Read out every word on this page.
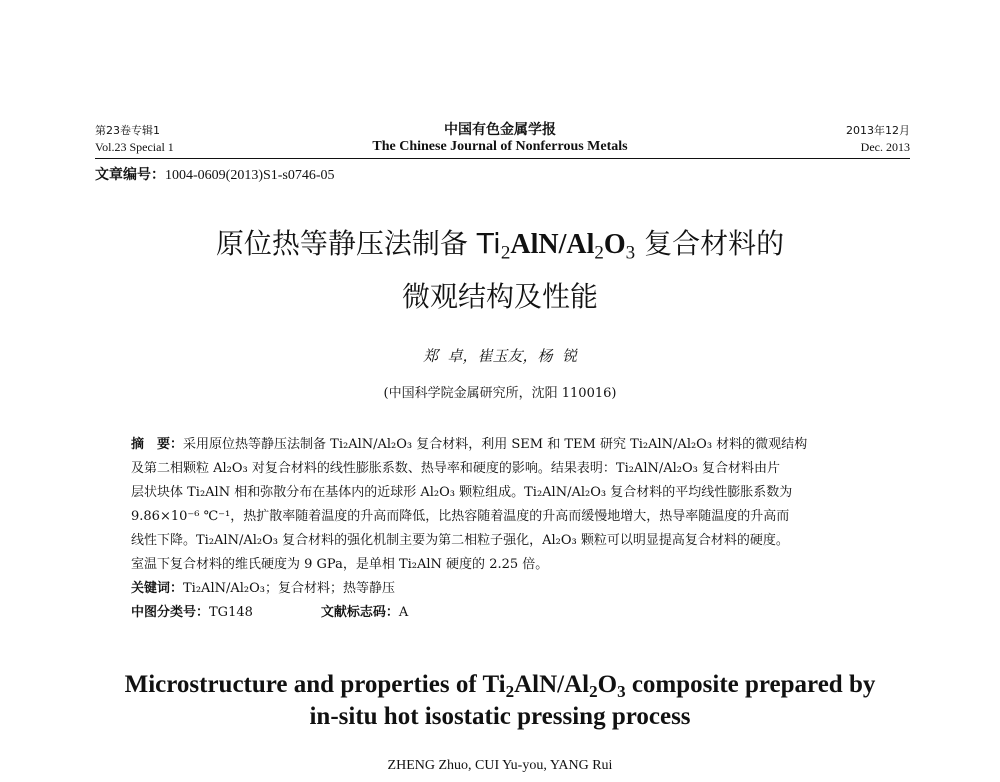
第23卷专辑1
Vol.23 Special 1
中国有色金属学报
The Chinese Journal of Nonferrous Metals
2013年12月
Dec. 2013
文章编号：1004-0609(2013)S1-s0746-05
原位热等静压法制备 $Ti_2AlN/Al_2O_3$ 复合材料的
微观结构及性能
郑  卓，崔玉友，杨  锐
(中国科学院金属研究所，沈阳 110016)
摘　要：采用原位热等静压法制备 Ti₂AlN/Al₂O₃ 复合材料，利用 SEM 和 TEM 研究 Ti₂AlN/Al₂O₃ 材料的微观结构
及第二相颗粒 Al₂O₃ 对复合材料的线性膨胀系数、热导率和硬度的影响。结果表明：Ti₂AlN/Al₂O₃ 复合材料由片
层状块体 Ti₂AlN 相和弥散分布在基体内的近球形 Al₂O₃ 颗粒组成。Ti₂AlN/Al₂O₃ 复合材料的平均线性膨胀系数为
9.86×10⁻⁶ ℃⁻¹，热扩散率随着温度的升高而降低，比热容随着温度的升高而缓慢地增大，热导率随温度的升高而
线性下降。Ti₂AlN/Al₂O₃ 复合材料的强化机制主要为第二相粒子强化，Al₂O₃ 颗粒可以明显提高复合材料的硬度。
室温下复合材料的维氏硬度为 9 GPa，是单相 Ti₂AlN 硬度的 2.25 倍。
关键词：Ti₂AlN/Al₂O₃；复合材料；热等静压
中图分类号：TG148	文献标志码：A
Microstructure and properties of $Ti_2AlN/Al_2O_3$ composite prepared by
in-situ hot isostatic pressing process
ZHENG Zhuo, CUI Yu-you, YANG Rui
